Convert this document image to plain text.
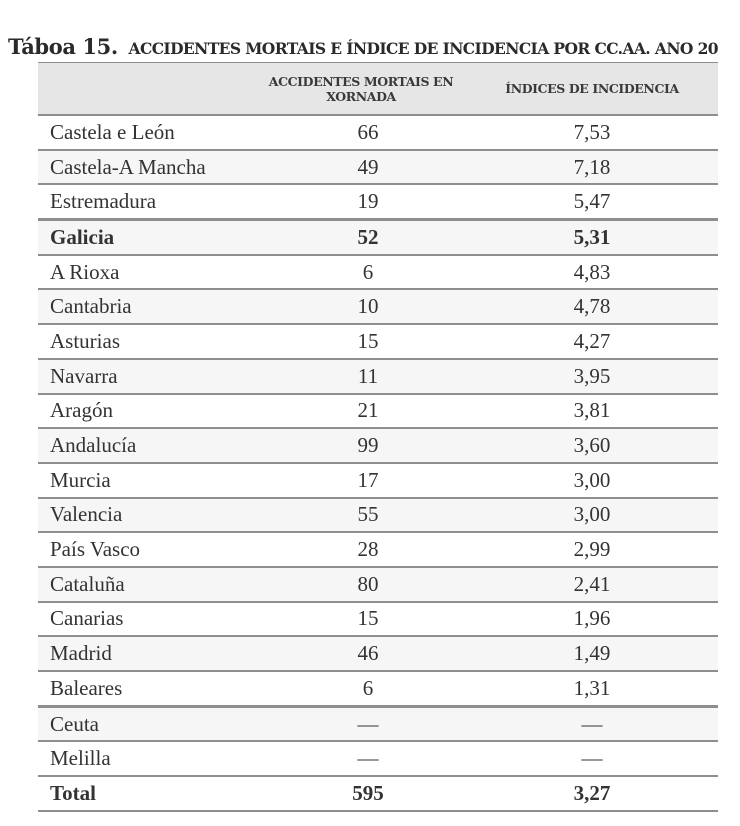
Táboa 15. ACCIDENTES MORTAIS E ÍNDICE DE INCIDENCIA POR CC.AA. ANO 20

	ACCIDENTES MORTAIS EN XORNADA	ÍNDICES DE INCIDENCIA
Castela e León	66	7,53
Castela-A Mancha	49	7,18
Estremadura	19	5,47
Galicia	52	5,31
A Rioxa	6	4,83
Cantabria	10	4,78
Asturias	15	4,27
Navarra	11	3,95
Aragón	21	3,81
Andalucía	99	3,60
Murcia	17	3,00
Valencia	55	3,00
País Vasco	28	2,99
Cataluña	80	2,41
Canarias	15	1,96
Madrid	46	1,49
Baleares	6	1,31
Ceuta	—	—
Melilla	—	—
Total	595	3,27
